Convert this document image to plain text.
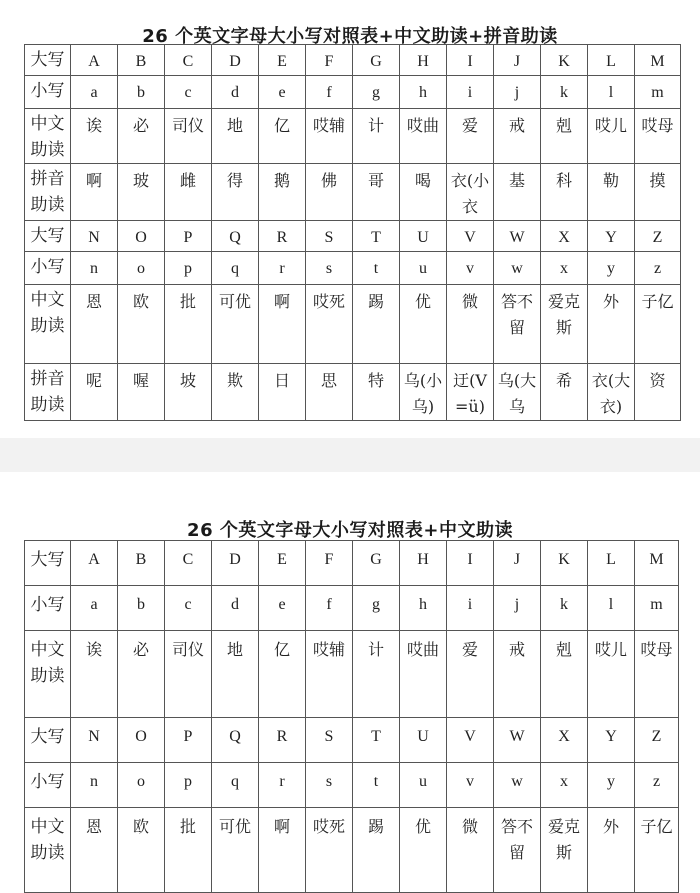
26 个英文字母大小写对照表+中文助读+拼音助读
大写	A	B	C	D	E	F	G	H	I	J	K	L	M
小写	a	b	c	d	e	f	g	h	i	j	k	l	m
中文助读	诶	必	司仪	地	亿	哎辅	计	哎曲	爱	戒	剋	哎儿	哎母
拼音助读	啊	玻	雌	得	鹅	佛	哥	喝	衣(小衣	基	科	勒	摸
大写	N	O	P	Q	R	S	T	U	V	W	X	Y	Z
小写	n	o	p	q	r	s	t	u	v	w	x	y	z
中文助读	恩	欧	批	可优	啊	哎死	踢	优	微	答不留	爱克斯	外	子亿
拼音助读	呢	喔	坡	欺	日	思	特	乌(小乌)	迂(V=ü)	乌(大乌	希	衣(大衣)	资
26 个英文字母大小写对照表+中文助读
大写	A	B	C	D	E	F	G	H	I	J	K	L	M
小写	a	b	c	d	e	f	g	h	i	j	k	l	m
中文助读	诶	必	司仪	地	亿	哎辅	计	哎曲	爱	戒	剋	哎儿	哎母
大写	N	O	P	Q	R	S	T	U	V	W	X	Y	Z
小写	n	o	p	q	r	s	t	u	v	w	x	y	z
中文助读	恩	欧	批	可优	啊	哎死	踢	优	微	答不留	爱克斯	外	子亿
